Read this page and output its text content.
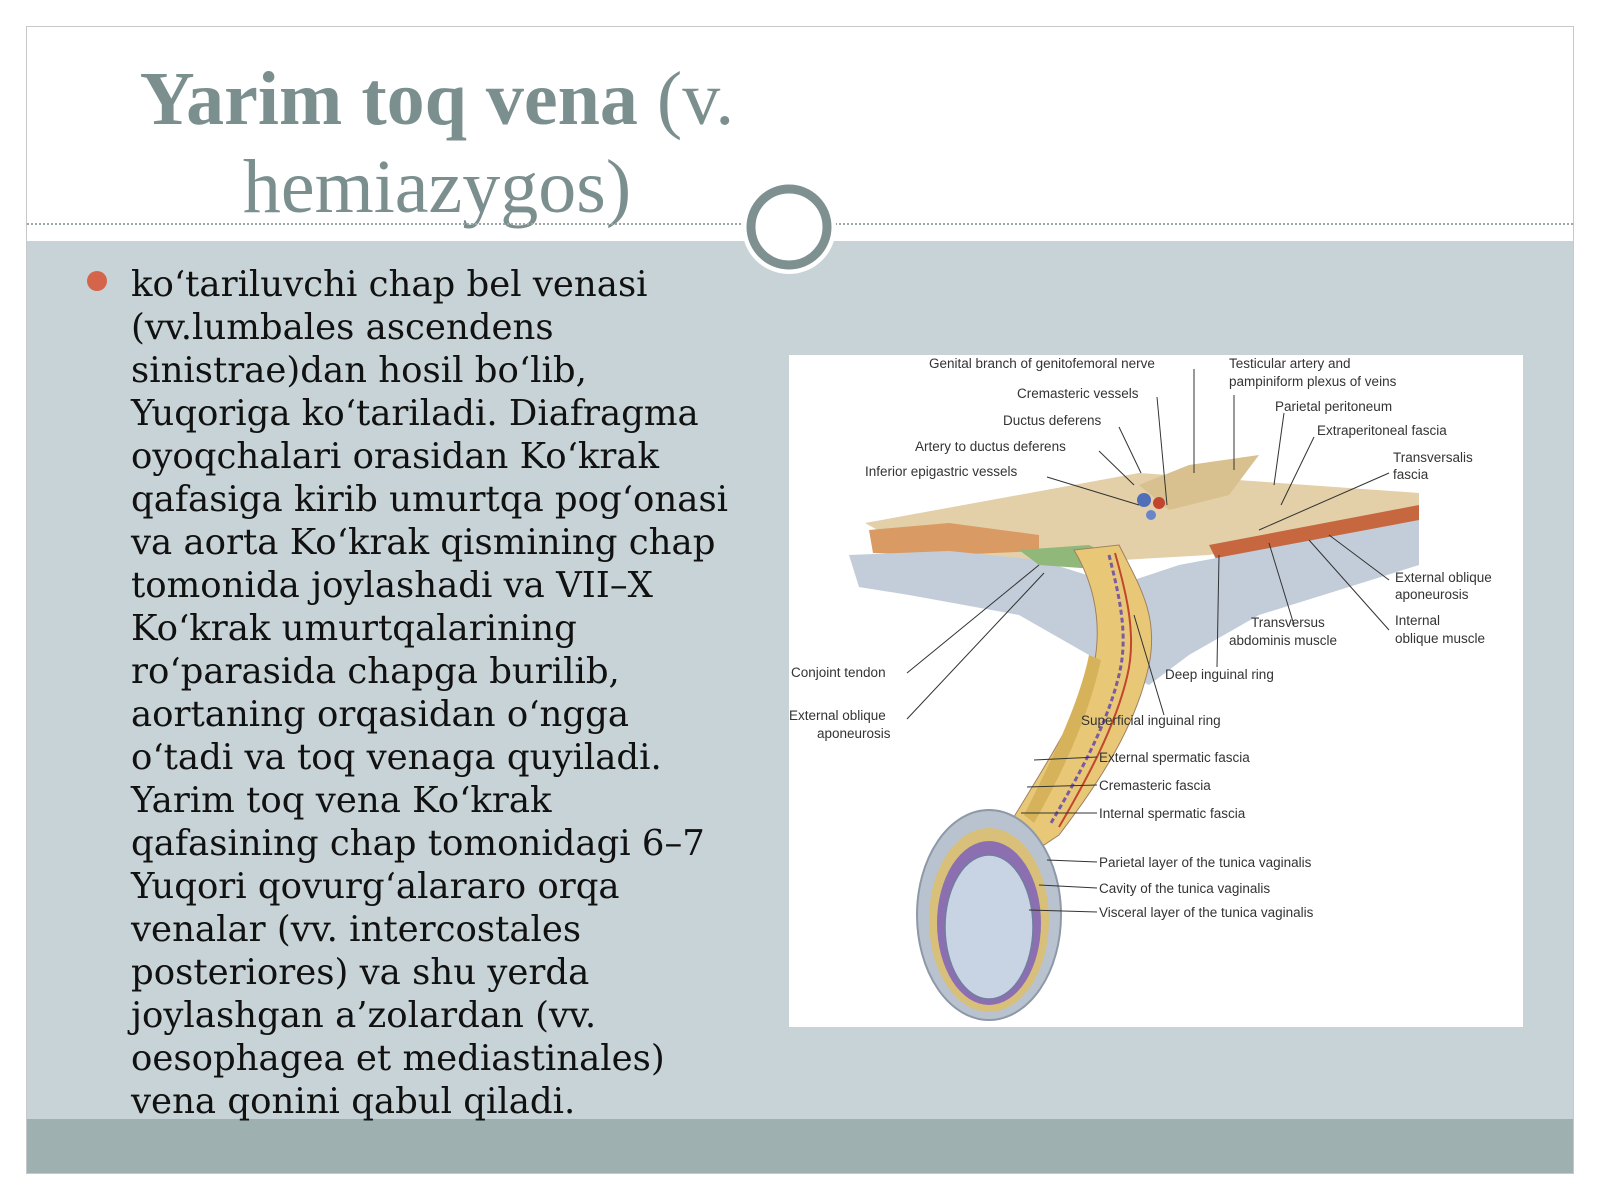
Yarim toq vena (v. hemiazygos)

ko‘tariluvchi chap bel venasi
(vv.lumbales ascendens
sinistrae)dan hosil bo‘lib,
Yuqoriga ko‘tariladi. Diafragma
oyoqchalari orasidan Ko‘krak
qafasiga kirib umurtqa pog‘onasi
va aorta Ko‘krak qismining chap
tomonida joylashadi va VII–X
Ko‘krak umurtqalarining
ro‘parasida chapga burilib,
aortaning orqasidan o‘ngga
o‘tadi va toq venaga quyiladi.
Yarim toq vena Ko‘krak
qafasining chap tomonidagi 6–7
Yuqori qovurg‘alararo orqa
venalar (vv. intercostales
posteriores) va shu yerda
joylashgan a’zolardan (vv.
oesophagea et mediastinales)
vena qonini qabul qiladi.

Genital branch of genitofemoral nerve	Testicular artery and
pampiniform plexus of veins
Cremasteric vessels
Parietal peritoneum
Ductus deferens
Extraperitoneal fascia
Artery to ductus deferens
Transversalis
fascia
Inferior epigastric vessels
External oblique
aponeurosis
Transversus
abdominis muscle
Internal
oblique muscle
Conjoint tendon	Deep inguinal ring
External oblique
aponeurosis
Superficial inguinal ring
External spermatic fascia
Cremasteric fascia
Internal spermatic fascia
Parietal layer of the tunica vaginalis
Cavity of the tunica vaginalis
Visceral layer of the tunica vaginalis
